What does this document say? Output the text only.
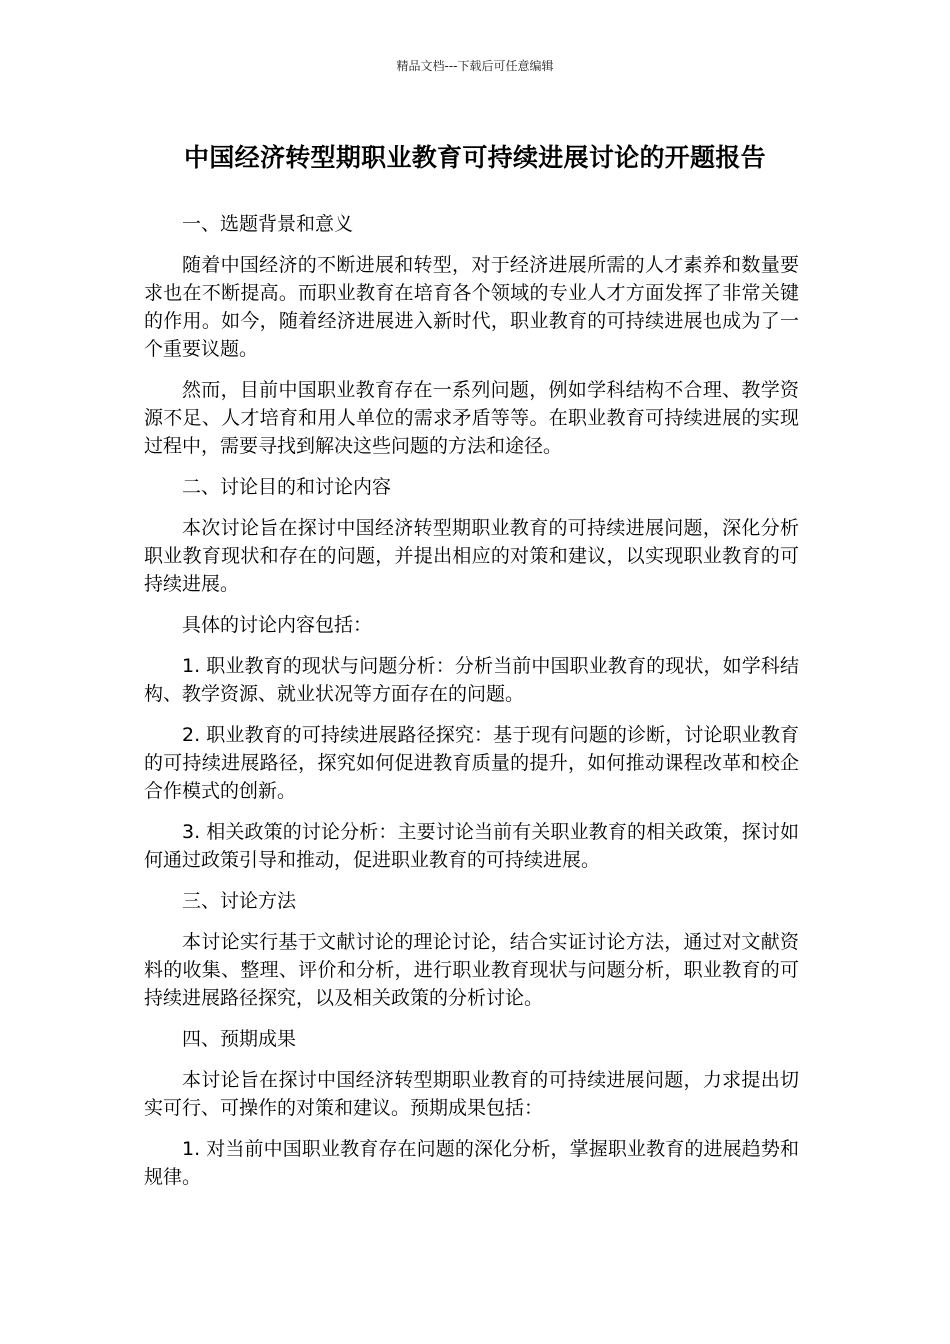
精品文档---下载后可任意编辑
中国经济转型期职业教育可持续进展讨论的开题报告

一、选题背景和意义

随着中国经济的不断进展和转型，对于经济进展所需的人才素养和数量要求也在不断提高。而职业教育在培育各个领域的专业人才方面发挥了非常关键的作用。如今，随着经济进展进入新时代，职业教育的可持续进展也成为了一个重要议题。

然而，目前中国职业教育存在一系列问题，例如学科结构不合理、教学资源不足、人才培育和用人单位的需求矛盾等等。在职业教育可持续进展的实现过程中，需要寻找到解决这些问题的方法和途径。

二、讨论目的和讨论内容

本次讨论旨在探讨中国经济转型期职业教育的可持续进展问题，深化分析职业教育现状和存在的问题，并提出相应的对策和建议，以实现职业教育的可持续进展。

具体的讨论内容包括：

1. 职业教育的现状与问题分析：分析当前中国职业教育的现状，如学科结构、教学资源、就业状况等方面存在的问题。

2. 职业教育的可持续进展路径探究：基于现有问题的诊断，讨论职业教育的可持续进展路径，探究如何促进教育质量的提升，如何推动课程改革和校企合作模式的创新。

3. 相关政策的讨论分析：主要讨论当前有关职业教育的相关政策，探讨如何通过政策引导和推动，促进职业教育的可持续进展。

三、讨论方法

本讨论实行基于文献讨论的理论讨论，结合实证讨论方法，通过对文献资料的收集、整理、评价和分析，进行职业教育现状与问题分析，职业教育的可持续进展路径探究，以及相关政策的分析讨论。

四、预期成果

本讨论旨在探讨中国经济转型期职业教育的可持续进展问题，力求提出切实可行、可操作的对策和建议。预期成果包括：

1. 对当前中国职业教育存在问题的深化分析，掌握职业教育的进展趋势和规律。
